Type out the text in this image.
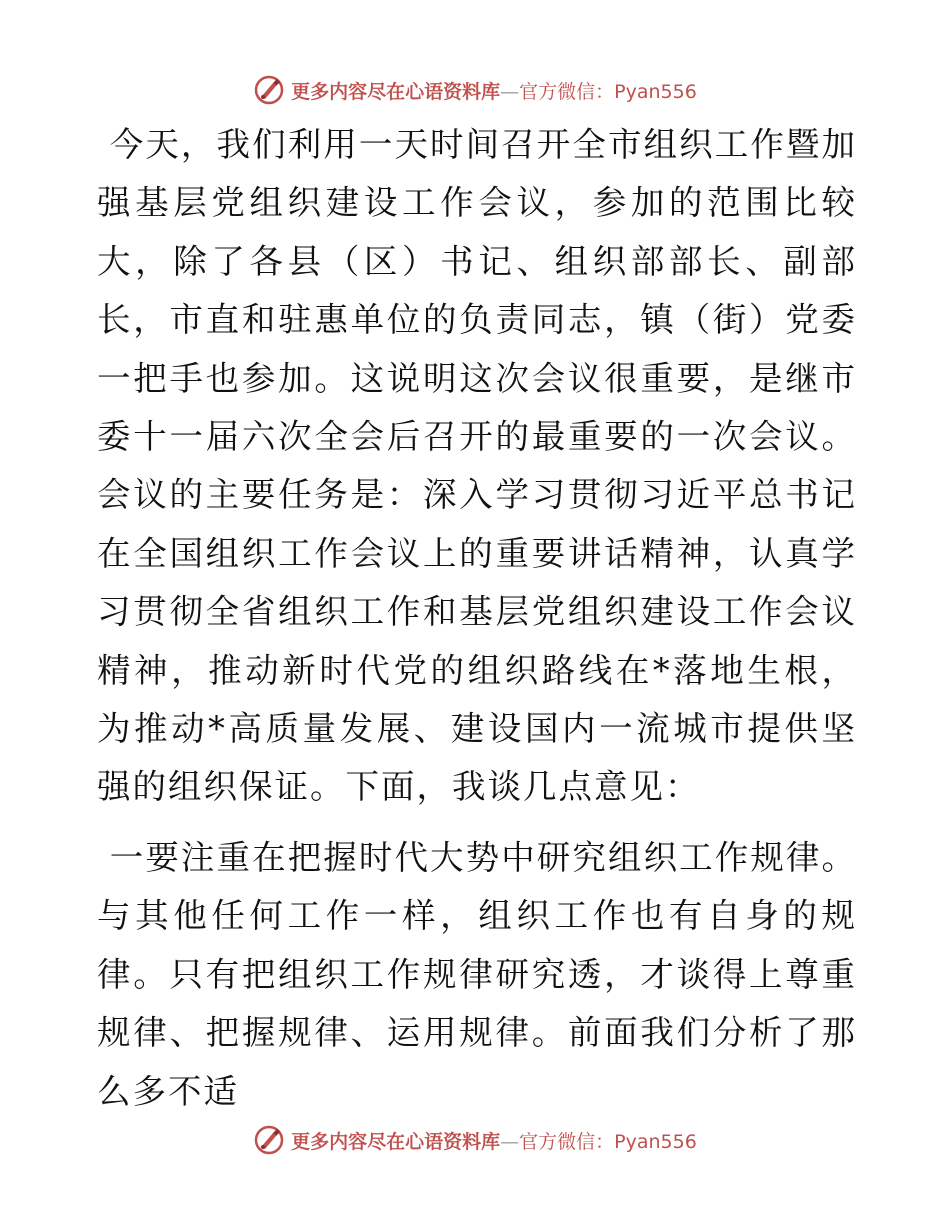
更多内容尽在心语资料库—官方微信：Pyan556

今天，我们利用一天时间召开全市组织工作暨加强基层党组织建设工作会议，参加的范围比较大，除了各县（区）书记、组织部部长、副部长，市直和驻惠单位的负责同志，镇（街）党委一把手也参加。这说明这次会议很重要，是继市委十一届六次全会后召开的最重要的一次会议。会议的主要任务是：深入学习贯彻习近平总书记在全国组织工作会议上的重要讲话精神，认真学习贯彻全省组织工作和基层党组织建设工作会议精神，推动新时代党的组织路线在*落地生根，为推动*高质量发展、建设国内一流城市提供坚强的组织保证。下面，我谈几点意见：

一要注重在把握时代大势中研究组织工作规律。与其他任何工作一样，组织工作也有自身的规律。只有把组织工作规律研究透，才谈得上尊重规律、把握规律、运用规律。前面我们分析了那么多不适

更多内容尽在心语资料库—官方微信：Pyan556
